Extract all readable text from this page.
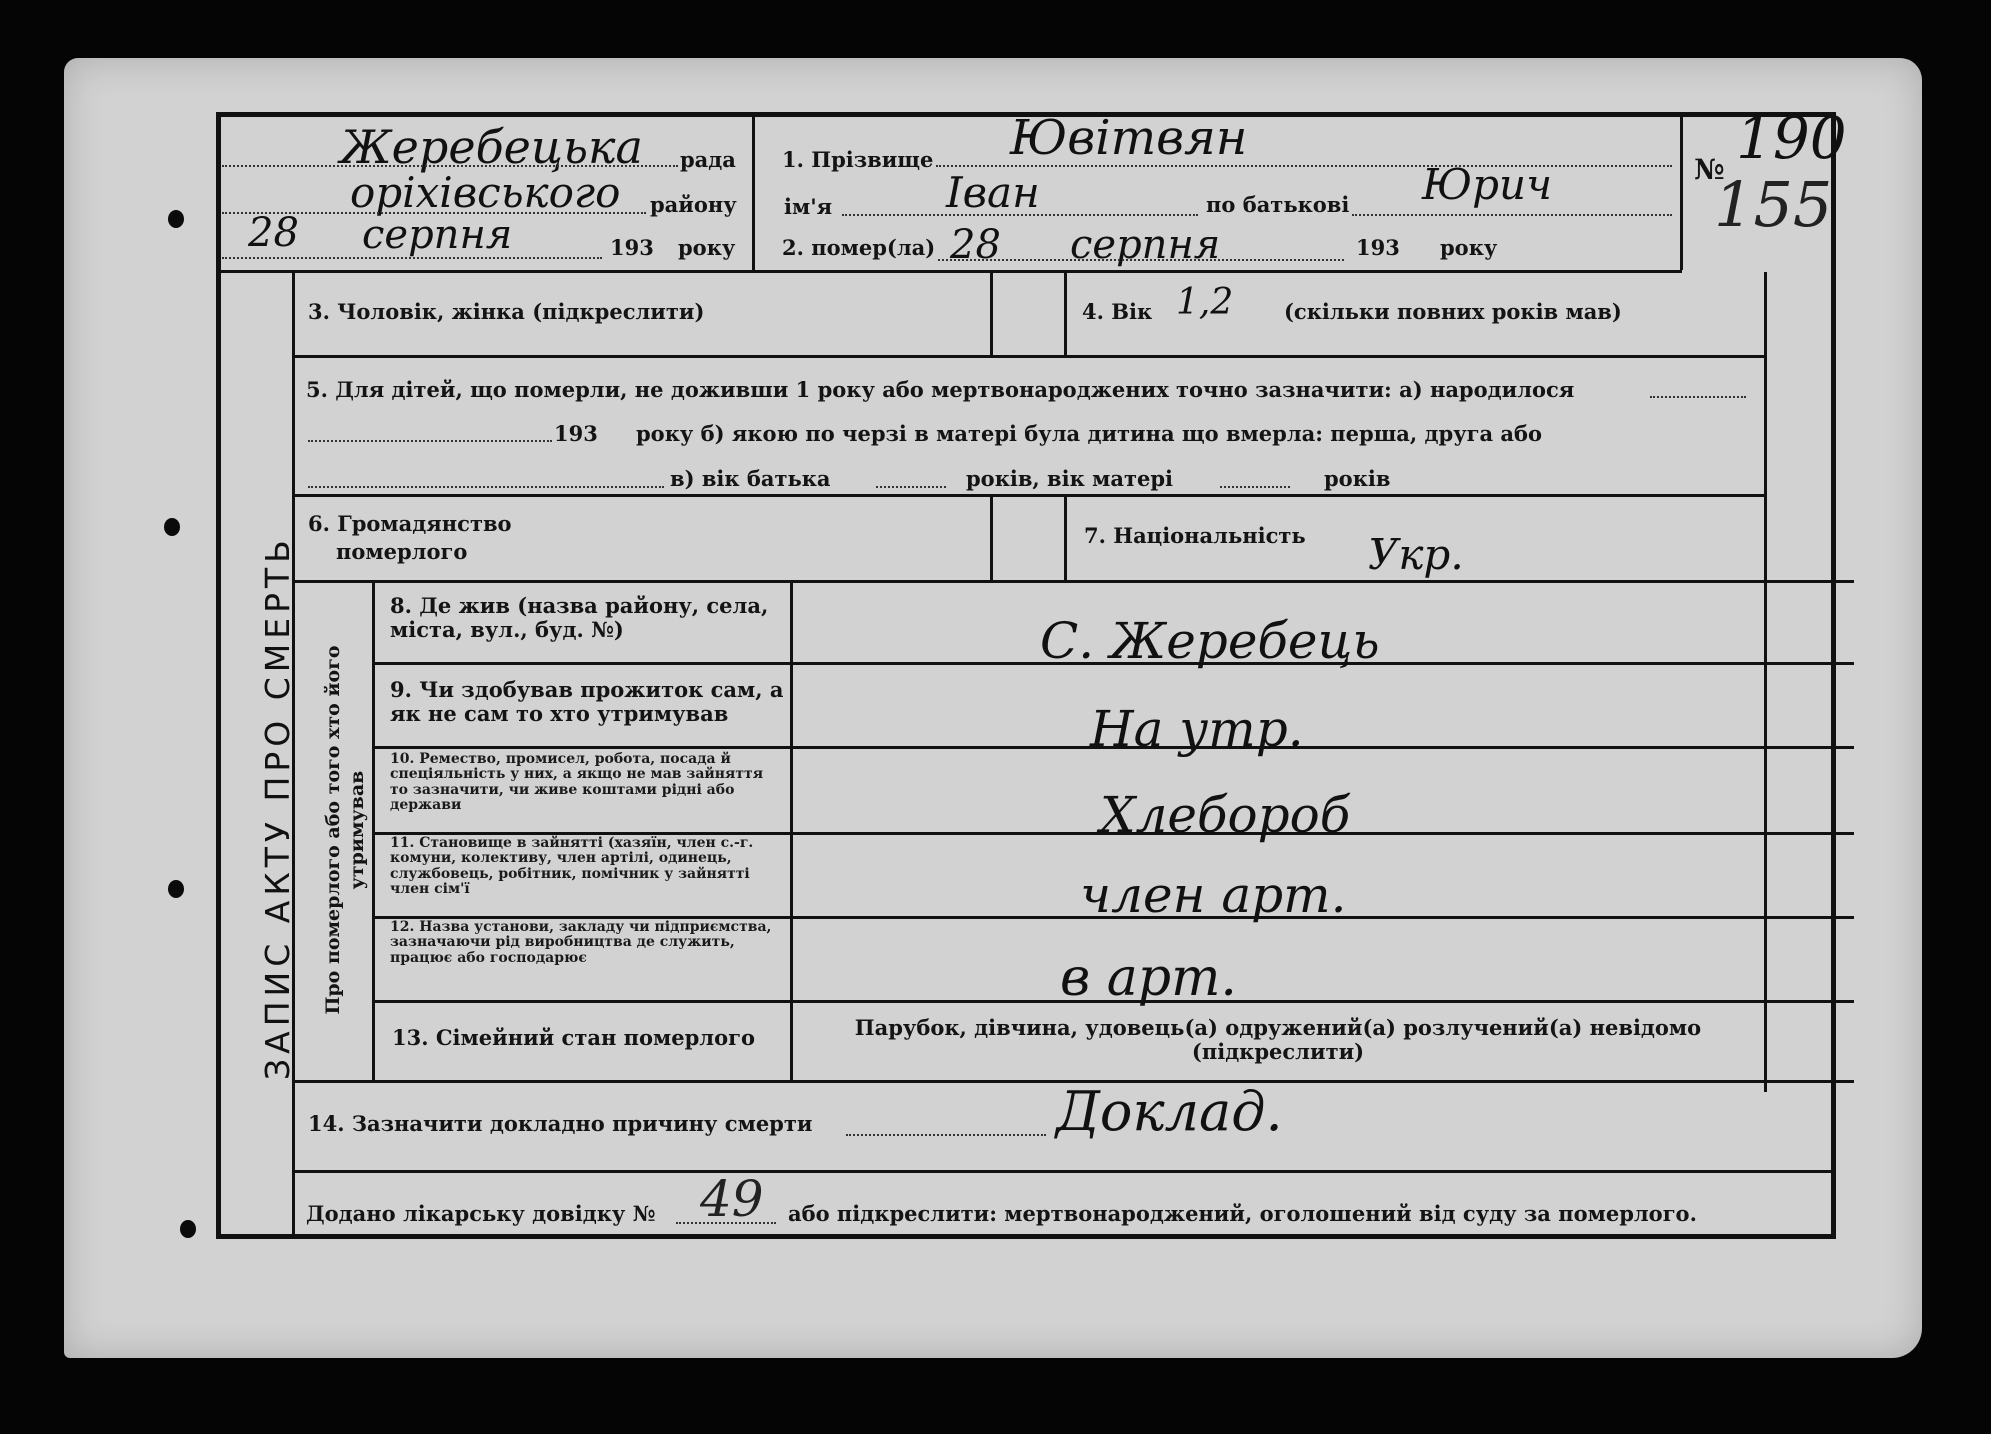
ЗАПИС АКТУ ПРО СМЕРТЬ Про померлого або того хто його утримував
Жеребецька рада
оріхівського району
28 серпня	193 року
1. Прізвище Ювітвян
ім'я	Іван	по батькові Юрич
2. помер(ла) 28 серпня	193 року
№ 190
155
3. Чоловік, жінка (підкреслити)	4. Вік 1,2 (скільки повних років мав)
5. Для дітей, що померли, не доживши 1 року або мертвонароджених точно зазначити: а) народилося
193 року б) якою по черзі в матері була дитина що вмерла: перша, друга або
в) вік батька	років, вік матері	років
6. Громадянство
померлого
7. Національність Укр.
8. Де жив (назва району, села, міста, вул., буд. №)	С. Жеребець
9. Чи здобував прожиток сам, а як не сам то хто утримував	На утр.
10. Ремество, промисел, робота, посада й спеціяльність у них, а якщо не мав зайняття то зазначити, чи живе коштами рідні або держави	Хлебороб
11. Становище в зайнятті (хазяїн, член с.-г. комуни, колективу, член артілі, одинець, службовець, робітник, помічник у зайнятті член сім'ї	член арт.
12. Назва установи, закладу чи підприємства, зазначаючи рід виробництва де служить, працює або господарює	в арт.
13. Сімейний стан померлого	Парубок, дівчина, удовець(а) одружений(а) розлучений(а) невідомо (підкреслити)
14. Зазначити докладно причину смерти	Доклад.
Додано лікарську довідку № 49 або підкреслити: мертвонароджений, оголошений від суду за померлого.
